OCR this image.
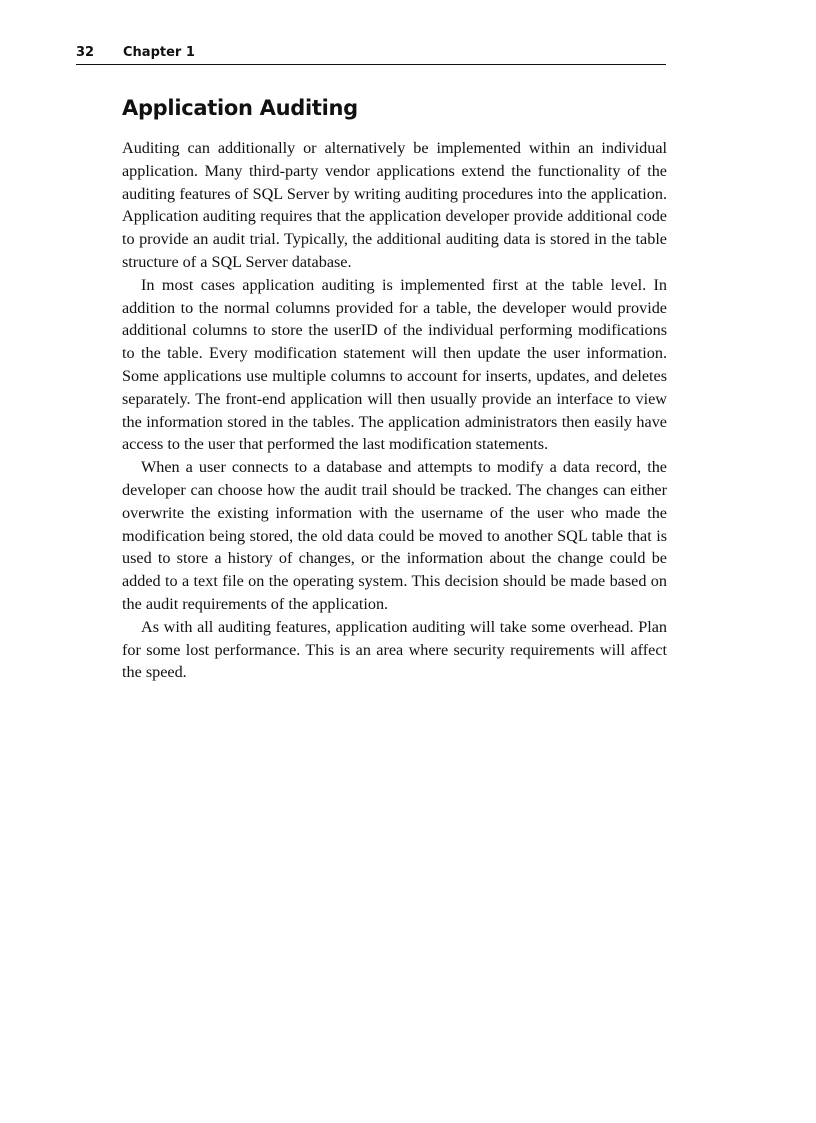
32 Chapter 1
Application Auditing

Auditing can additionally or alternatively be implemented within an individual application. Many third-party vendor applications extend the functionality of the auditing features of SQL Server by writing auditing procedures into the application. Application auditing requires that the application developer provide additional code to provide an audit trial. Typically, the additional auditing data is stored in the table structure of a SQL Server database.

In most cases application auditing is implemented first at the table level. In addition to the normal columns provided for a table, the developer would provide additional columns to store the userID of the individual performing modifications to the table. Every modification statement will then update the user information. Some applications use multiple columns to account for inserts, updates, and deletes separately. The front-end application will then usually provide an interface to view the information stored in the tables. The application administrators then easily have access to the user that performed the last modification statements.

When a user connects to a database and attempts to modify a data record, the developer can choose how the audit trail should be tracked. The changes can either overwrite the existing information with the username of the user who made the modification being stored, the old data could be moved to another SQL table that is used to store a history of changes, or the information about the change could be added to a text file on the operating system. This decision should be made based on the audit requirements of the application.

As with all auditing features, application auditing will take some overhead. Plan for some lost performance. This is an area where security requirements will affect the speed.
